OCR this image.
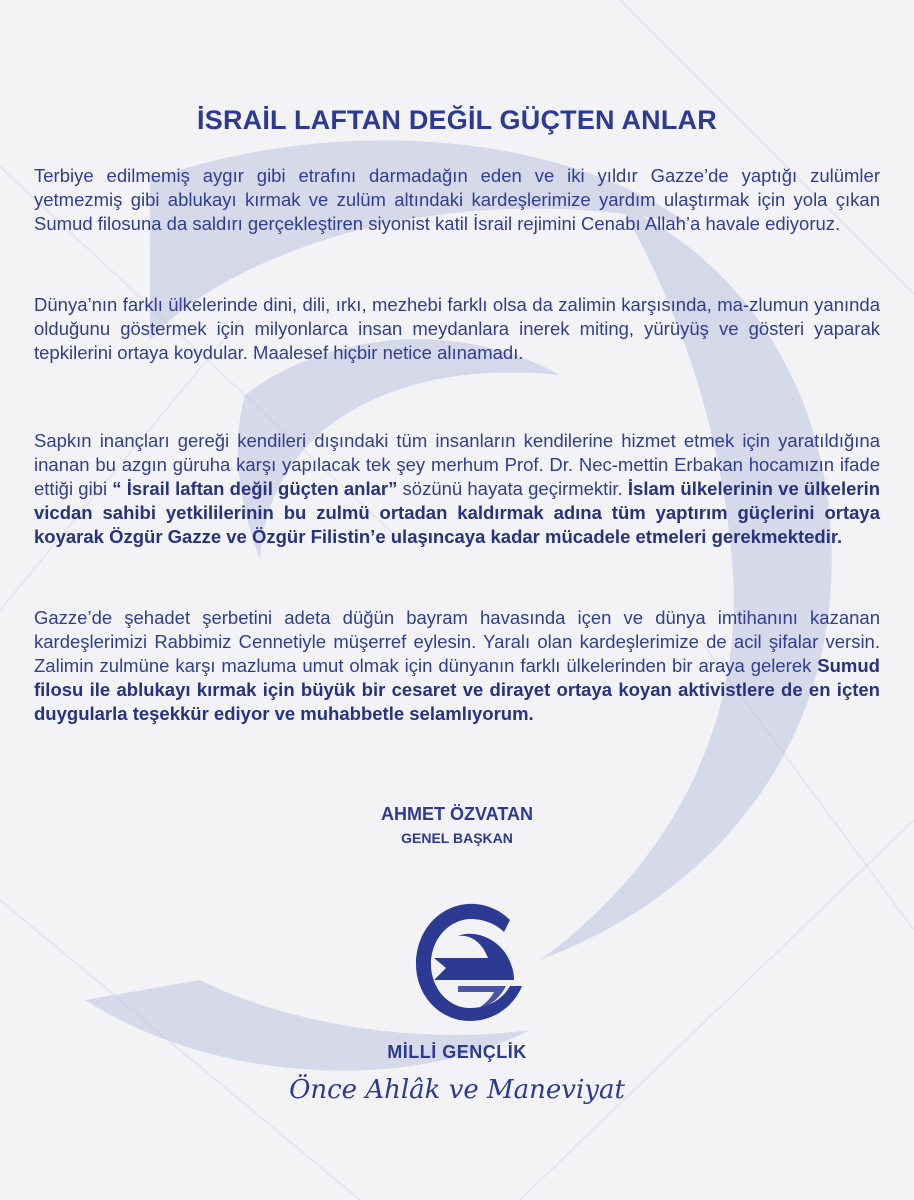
İSRAİL LAFTAN DEĞİL GÜÇTEN ANLAR

Terbiye edilmemiş aygır gibi etrafını darmadağın eden ve iki yıldır Gazze’de yaptığı zulümler yetmezmiş gibi ablukayı kırmak ve zulüm altındaki kardeşlerimize yardım ulaştırmak için yola çıkan Sumud filosuna da saldırı gerçekleştiren siyonist katil İsrail rejimini Cenabı Allah’a havale ediyoruz.

Dünya’nın farklı ülkelerinde dini, dili, ırkı, mezhebi farklı olsa da zalimin karşısında, ma-zlumun yanında olduğunu göstermek için milyonlarca insan meydanlara inerek miting, yürüyüş ve gösteri yaparak tepkilerini ortaya koydular. Maalesef hiçbir netice alınamadı.

Sapkın inançları gereği kendileri dışındaki tüm insanların kendilerine hizmet etmek için yaratıldığına inanan bu azgın güruha karşı yapılacak tek şey merhum Prof. Dr. Nec-mettin Erbakan hocamızın ifade ettiği gibi “ İsrail laftan değil güçten anlar” sözünü hayata geçirmektir. İslam ülkelerinin ve ülkelerin vicdan sahibi yetkililerinin bu zulmü ortadan kaldırmak adına tüm yaptırım güçlerini ortaya koyarak Özgür Gazze ve Özgür Filistin’e ulaşıncaya kadar mücadele etmeleri gerekmektedir.

Gazze’de şehadet şerbetini adeta düğün bayram havasında içen ve dünya imtihanını kazanan kardeşlerimizi Rabbimiz Cennetiyle müşerref eylesin. Yaralı olan kardeşlerimize de acil şifalar versin. Zalimin zulmüne karşı mazluma umut olmak için dünyanın farklı ülkelerinden bir araya gelerek Sumud filosu ile ablukayı kırmak için büyük bir cesaret ve dirayet ortaya koyan aktivistlere de en içten duygularla teşekkür ediyor ve muhabbetle selamlıyorum.

AHMET ÖZVATAN
GENEL BAŞKAN
MİLLİ GENÇLİK
Önce Ahlâk ve Maneviyat
